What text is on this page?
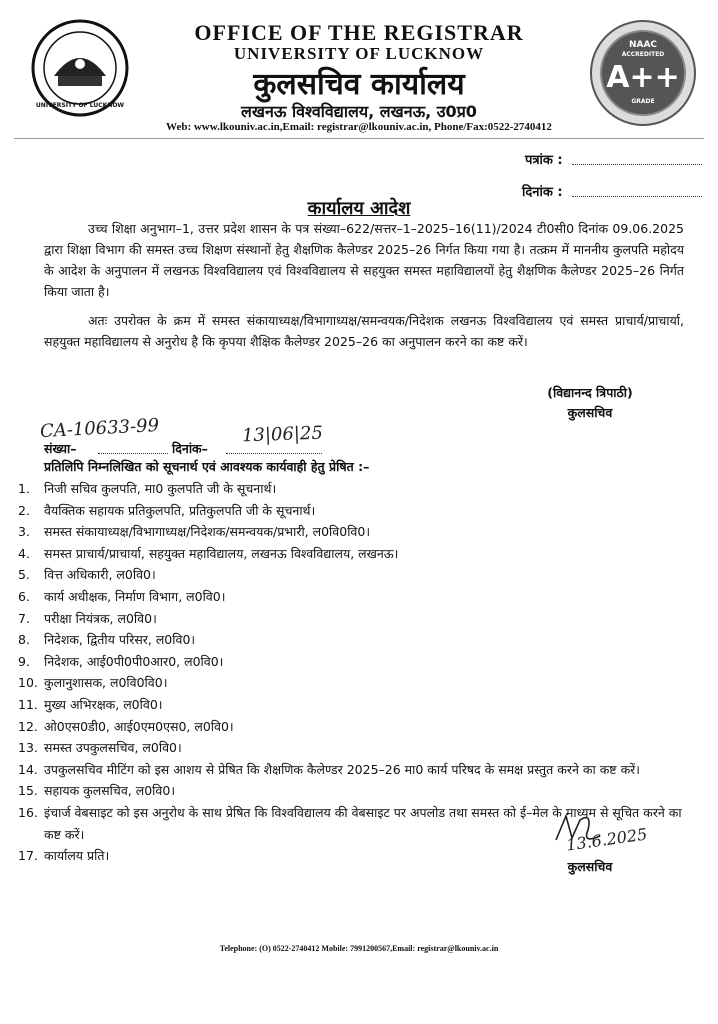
UNIVERSITY OF LUCKNOW
NAAC
ACCREDITED
A++
GRADE
OFFICE OF THE REGISTRAR
UNIVERSITY OF LUCKNOW
कुलसचिव कार्यालय
लखनऊ विश्वविद्यालय, लखनऊ, उ0प्र0
Web: www.lkouniv.ac.in,Email: registrar@lkouniv.ac.in, Phone/Fax:0522-2740412
पत्रांक :
दिनांक :
कार्यालय आदेश
उच्च शिक्षा अनुभाग–1, उत्तर प्रदेश शासन के पत्र संख्या–622/सत्तर–1–2025–16(11)/2024 टी0सी0 दिनांक 09.06.2025 द्वारा शिक्षा विभाग की समस्त उच्च शिक्षण संस्थानों हेतु शैक्षणिक कैलेण्डर 2025–26 निर्गत किया गया है। तत्क्रम में माननीय कुलपति महोदय के आदेश के अनुपालन में लखनऊ विश्वविद्यालय एवं विश्वविद्यालय से सहयुक्त समस्त महाविद्यालयों हेतु शैक्षणिक कैलेण्डर 2025–26 निर्गत किया जाता है।
अतः उपरोक्त के क्रम में समस्त संकायाध्यक्ष/विभागाध्यक्ष/समन्वयक/निदेशक लखनऊ विश्वविद्यालय एवं समस्त प्राचार्य/प्राचार्या, सहयुक्त महाविद्यालय से अनुरोध है कि कृपया शैक्षिक कैलेण्डर 2025–26 का अनुपालन करने का कष्ट करें।
(विद्यानन्द त्रिपाठी)
कुलसचिव
CA-10633-99	13|06|25
संख्या–	दिनांक–
प्रतिलिपि निम्नलिखित को सूचनार्थ एवं आवश्यक कार्यवाही हेतु प्रेषित :–
1. निजी सचिव कुलपति, मा0 कुलपति जी के सूचनार्थ।
2. वैयक्तिक सहायक प्रतिकुलपति, प्रतिकुलपति जी के सूचनार्थ।
3. समस्त संकायाध्यक्ष/विभागाध्यक्ष/निदेशक/समन्वयक/प्रभारी, ल0वि0वि0।
4. समस्त प्राचार्य/प्राचार्या, सहयुक्त महाविद्यालय, लखनऊ विश्वविद्यालय, लखनऊ।
5. वित्त अधिकारी, ल0वि0।
6. कार्य अधीक्षक, निर्माण विभाग, ल0वि0।
7. परीक्षा नियंत्रक, ल0वि0।
8. निदेशक, द्वितीय परिसर, ल0वि0।
9. निदेशक, आई0पी0पी0आर0, ल0वि0।
10. कुलानुशासक, ल0वि0वि0।
11. मुख्य अभिरक्षक, ल0वि0।
12. ओ0एस0डी0, आई0एम0एस0, ल0वि0।
13. समस्त उपकुलसचिव, ल0वि0।
14. उपकुलसचिव मीटिंग को इस आशय से प्रेषित कि शैक्षणिक कैलेण्डर 2025–26 मा0 कार्य परिषद के समक्ष प्रस्तुत करने का कष्ट करें।
15. सहायक कुलसचिव, ल0वि0।
16. इंचार्ज वेबसाइट को इस अनुरोध के साथ प्रेषित कि विश्वविद्यालय की वेबसाइट पर अपलोड तथा समस्त को ई–मेल के माध्यम से सूचित करने का कष्ट करें।
17. कार्यालय प्रति।
13.6.2025
कुलसचिव
Telephone: (O) 0522-2740412 Mobile: 7991200567,Email: registrar@lkouniv.ac.in
